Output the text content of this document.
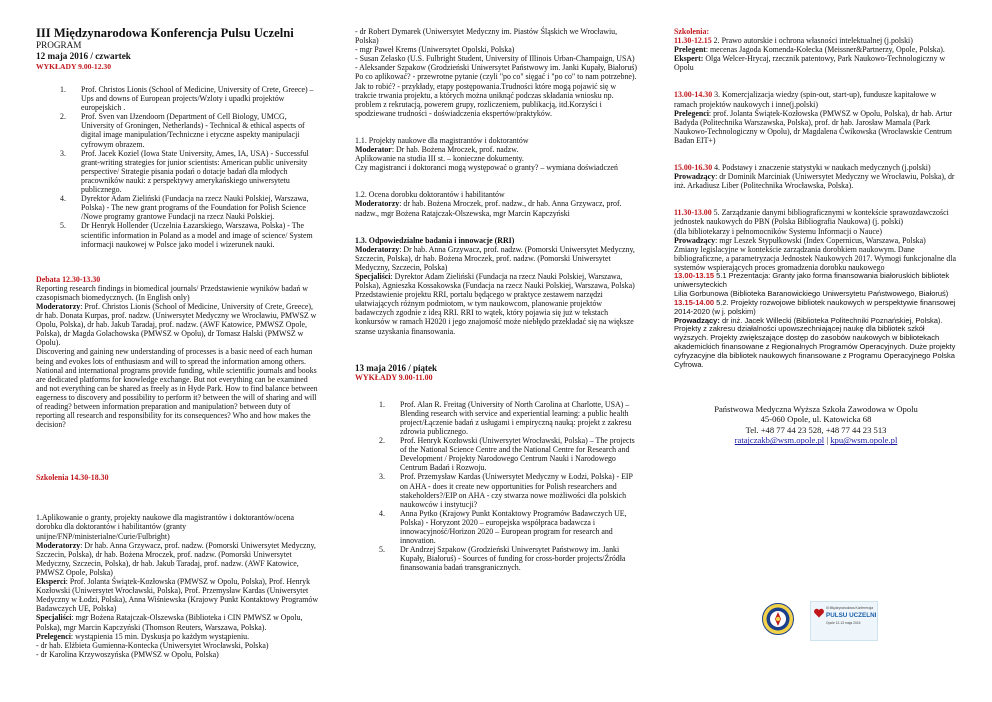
III Międzynarodowa Konferencja Pulsu Uczelni
PROGRAM
12 maja 2016 / czwartek
WYKŁADY 9.00-12.30
1. Prof. Christos Lionis (School of Medicine, University of Crete, Greece) – Ups and downs of European projects/Wzloty i upadki projektów europejskich .
2. Prof. Sven van IJzendoorn (Department of Cell Biology, UMCG, University of Groningen, Netherlands) - Technical & ethical aspects of digital image manipulation/Techniczne i etyczne aspekty manipulacji cyfrowym obrazem.
3. Prof. Jacek Koziel (Iowa State University, Ames, IA, USA) - Successful grant-writing strategies for junior scientists: American public university perspective/ Strategie pisania podań o dotacje badań dla młodych pracowników nauki: z perspektywy amerykańskiego uniwersytetu publicznego.
4. Dyrektor Adam Zieliński (Fundacja na rzecz Nauki Polskiej, Warszawa, Polska) - The new grant programs of the Foundation for Polish Science /Nowe programy grantowe Fundacji na rzecz Nauki Polskiej.
5. Dr Henryk Hollender (Uczelnia Łazarskiego, Warszawa, Polska) - The scientific information in Poland as a model and image of science/ System informacji naukowej w Polsce jako model i wizerunek nauki.
Debata 12.30-13.30
Reporting research findings in biomedical journals/ Przedstawienie wyników badań w czasopismach biomedycznych. (In English only)
Moderatorzy: Prof. Christos Lionis (School of Medicine, University of Crete, Greece), dr hab. Donata Kurpas, prof. nadzw. (Uniwersytet Medyczny we Wrocławiu, PMWSZ w Opolu, Polska), dr hab. Jakub Taradaj, prof. nadzw. (AWF Katowice, PMWSZ Opole, Polska), dr Magda Golachowska (PMWSZ w Opolu), dr Tomasz Halski (PMWSZ w Opolu).
Discovering and gaining new understanding of processes is a basic need of each human being and evokes lots of enthusiasm and will to spread the information among others. National and international programs provide funding, while scientific journals and books are dedicated platforms for knowledge exchange. But not everything can be examined and not everything can be shared as freely as in Hyde Park. How to find balance between eagerness to discovery and possibility to perform it? between the will of sharing and will of reading? between information preparation and manipulation? between duty of reporting all research and responsibility for its consequences? Who and how makes the decision?
Szkolenia 14.30-18.30
1.Aplikowanie o granty, projekty naukowe dla magistrantów i doktorantów/ocena dorobku dla doktorantów i habilitantów (granty unijne/FNP/ministerialne/Curie/Fulbright)
Moderatorzy: Dr hab. Anna Grzywacz, prof. nadzw. (Pomorski Uniwersytet Medyczny, Szczecin, Polska), dr hab. Bożena Mroczek, prof. nadzw. (Pomorski Uniwersytet Medyczny, Szczecin, Polska), dr hab. Jakub Taradaj, prof. nadzw. (AWF Katowice, PMWSZ Opole, Polska)
Eksperci: Prof. Jolanta Świątek-Kozłowska (PMWSZ w Opolu, Polska), Prof. Henryk Kozłowski (Uniwersytet Wrocławski, Polska), Prof. Przemysław Kardas (Uniwersytet Medyczny w Łodzi, Polska), Anna Wiśniewska (Krajowy Punkt Kontaktowy Programów Badawczych UE, Polska)
Specjaliści: mgr Bożena Ratajczak-Olszewska (Biblioteka i CIN PMWSZ w Opolu, Polska), mgr Marcin Kapczyński (Thomson Reuters, Warszawa, Polska).
Prelegenci: wystąpienia 15 min. Dyskusja po każdym wystąpieniu.
- dr hab. Elżbieta Gumienna-Kontecka (Uniwersytet Wrocławski, Polska)
- dr Karolina Krzywoszyńska (PMWSZ w Opolu, Polska)
- dr Robert Dymarek (Uniwersytet Medyczny im. Piastów Śląskich we Wrocławiu, Polska)
- mgr Paweł Krems (Uniwersytet Opolski, Polska)
- Susan Zelasko (U.S. Fulbright Student, University of Illinois Urban-Champaign, USA)
- Aleksander Szpakow (Grodzieński Uniwersytet Państwowy im. Janki Kupały, Białoruś)
Po co aplikować? - przewrotne pytanie (czyli "po co" sięgać i "po co" to nam potrzebne). Jak to robić? - przykłady, etapy postępowania.Trudności które mogą pojawić się w trakcie trwania projektu, a których można uniknąć podczas składania wniosku np. problem z rekrutacją, powerem grupy, rozliczeniem, publikacją, itd.Korzyści i spodziewane trudności - doświadczenia ekspertów/praktyków.
1.1. Projekty naukowe dla magistrantów i doktorantów
Moderator: Dr hab. Bożena Mroczek, prof. nadzw.
Aplikowanie na studia III st. – konieczne dokumenty.
Czy magistranci i doktoranci mogą występować o granty? – wymiana doświadczeń
1.2. Ocena dorobku doktorantów i habilitantów
Moderatorzy: dr hab. Bożena Mroczek, prof. nadzw., dr hab. Anna Grzywacz, prof. nadzw., mgr Bożena Ratajczak-Olszewska, mgr Marcin Kapczyński
1.3. Odpowiedzialne badania i innowacje (RRI)
Moderatorzy: Dr hab. Anna Grzywacz, prof. nadzw. (Pomorski Uniwersytet Medyczny, Szczecin, Polska), dr hab. Bożena Mroczek, prof. nadzw. (Pomorski Uniwersytet Medyczny, Szczecin, Polska)
Specjaliści: Dyrektor Adam Zieliński (Fundacja na rzecz Nauki Polskiej, Warszawa, Polska), Agnieszka Kossakowska (Fundacja na rzecz Nauki Polskiej, Warszawa, Polska)
Przedstawienie projektu RRI, portalu będącego w praktyce zestawem narzędzi ułatwiających różnym podmiotom, w tym naukowcom, planowanie projektów badawczych zgodnie z ideą RRI. RRI to wątek, który pojawia się już w tekstach konkursów w ramach H2020 i jego znajomość może niebłędo przekładać się na większe szanse uzyskania finansowania.
13 maja 2016 / piątek
WYKŁADY 9.00-11.00
1. Prof. Alan R. Freitag (University of North Carolina at Charlotte, USA) –Blending research with service and experiential learning: a public health project/Łączenie badań z usługami i empiryczną nauką: projekt z zakresu zdrowia publicznego.
2. Prof. Henryk Kozłowski (Uniwersytet Wrocławski, Polska) – The projects of the National Science Centre and the National Centre for Research and Development / Projekty Narodowego Centrum Nauki i Narodowego Centrum Badań i Rozwoju.
3. Prof. Przemysław Kardas (Uniwersytet Medyczny w Łodzi, Polska) - EIP on AHA - does it create new opportunities for Polish researchers and stakeholders?/EIP on AHA - czy stwarza nowe możliwości dla polskich naukowców i instytucji?
4. Anna Pytko (Krajowy Punkt Kontaktowy Programów Badawczych UE, Polska) - Horyzont 2020 – europejska współpraca badawcza i innowacyjność/Horizon 2020 – European program for research and innovation.
5. Dr Andrzej Szpakow (Grodzieński Uniwersytet Państwowy im. Janki Kupały, Białoruś) - Sources of funding for cross-border projects/Źródła finansowania badań transgranicznych.
Szkolenia:
11.30-12.15 2. Prawo autorskie i ochrona własności intelektualnej (j.polski)
Prelegent: mecenas Jagoda Komenda-Kołecka (Meissner&Partnerzy, Opole, Polska).
Ekspert: Olga Welcer-Hrycaj, rzecznik patentowy, Park Naukowo-Technologiczny w Opolu
13.00-14.30 3. Komercjalizacja wiedzy (spin-out, start-up), fundusze kapitałowe w ramach projektów naukowych i inne(j.polski)
Prelegenci: prof. Jolanta Świątek-Kozłowska (PMWSZ w Opolu, Polska), dr hab. Artur Badyda (Politechnika Warszawska, Polska), prof. dr hab. Jarosław Mamala (Park Naukowo-Technologiczny w Opolu), dr Magdalena Ćwikowska (Wrocławskie Centrum Badan EIT+)
15.00-16.30 4. Podstawy i znaczenie statystyki w naukach medycznych (j.polski)
Prowadzący: dr Dominik Marciniak (Uniwersytet Medyczny we Wrocławiu, Polska), dr inż. Arkadiusz Liber (Politechnika Wrocławska, Polska).
11.30-13.00 5. Zarządzanie danymi bibliograficznymi w kontekście sprawozdawczości jednostek naukowych do PBN (Polska Bibliografia Naukowa) (j. polski)
(dla bibliotekarzy i pełnomocników Systemu Informacji o Nauce)
Prowadzący: mgr Leszek Stypułkowski (Index Copernicus, Warszawa, Polska)
Zmiany legislacyjne w kontekście zarządzania dorobkiem naukowym. Dane bibliograficzne, a parametryzacja Jednostek Naukowych 2017. Wymogi funkcjonalne dla systemów wspierających proces gromadzenia dorobku naukowego
13.00-13.15 5.1 Prezentacja: Granty jako forma finansowania białoruskich bibliotek uniwersyteckich
Lilia Gorbunowa (Biblioteka Baranowickiego Uniwersytetu Państwowego, Białoruś)
13.15-14.00 5.2. Projekty rozwojowe bibliotek naukowych w perspektywie finansowej 2014-2020 (w j. polskim)
Prowadzący: dr inż. Jacek Willecki (Biblioteka Politechniki Poznańskiej, Polska).
Projekty z zakresu działalności upowszechniającej naukę dla bibliotek szkół wyższych. Projekty zwiększające dostęp do zasobów naukowych w bibliotekach akademickich finansowane z Regionalnych Programów Operacyjnych. Duże projekty cyfryzacyjne dla bibliotek naukowych finansowane z Programu Operacyjnego Polska Cyfrowa.
Państwowa Medyczna Wyższa Szkoła Zawodowa w Opolu
45-060 Opole, ul. Katowicka 68
Tel. +48 77 44 23 528, +48 77 44 23 513
ratajczakb@wsm.opole.pl | kpu@wsm.opole.pl
III Międzynarodowa Konferencja
PULSU UCZELNI
Opole 12-13 maja 2016
